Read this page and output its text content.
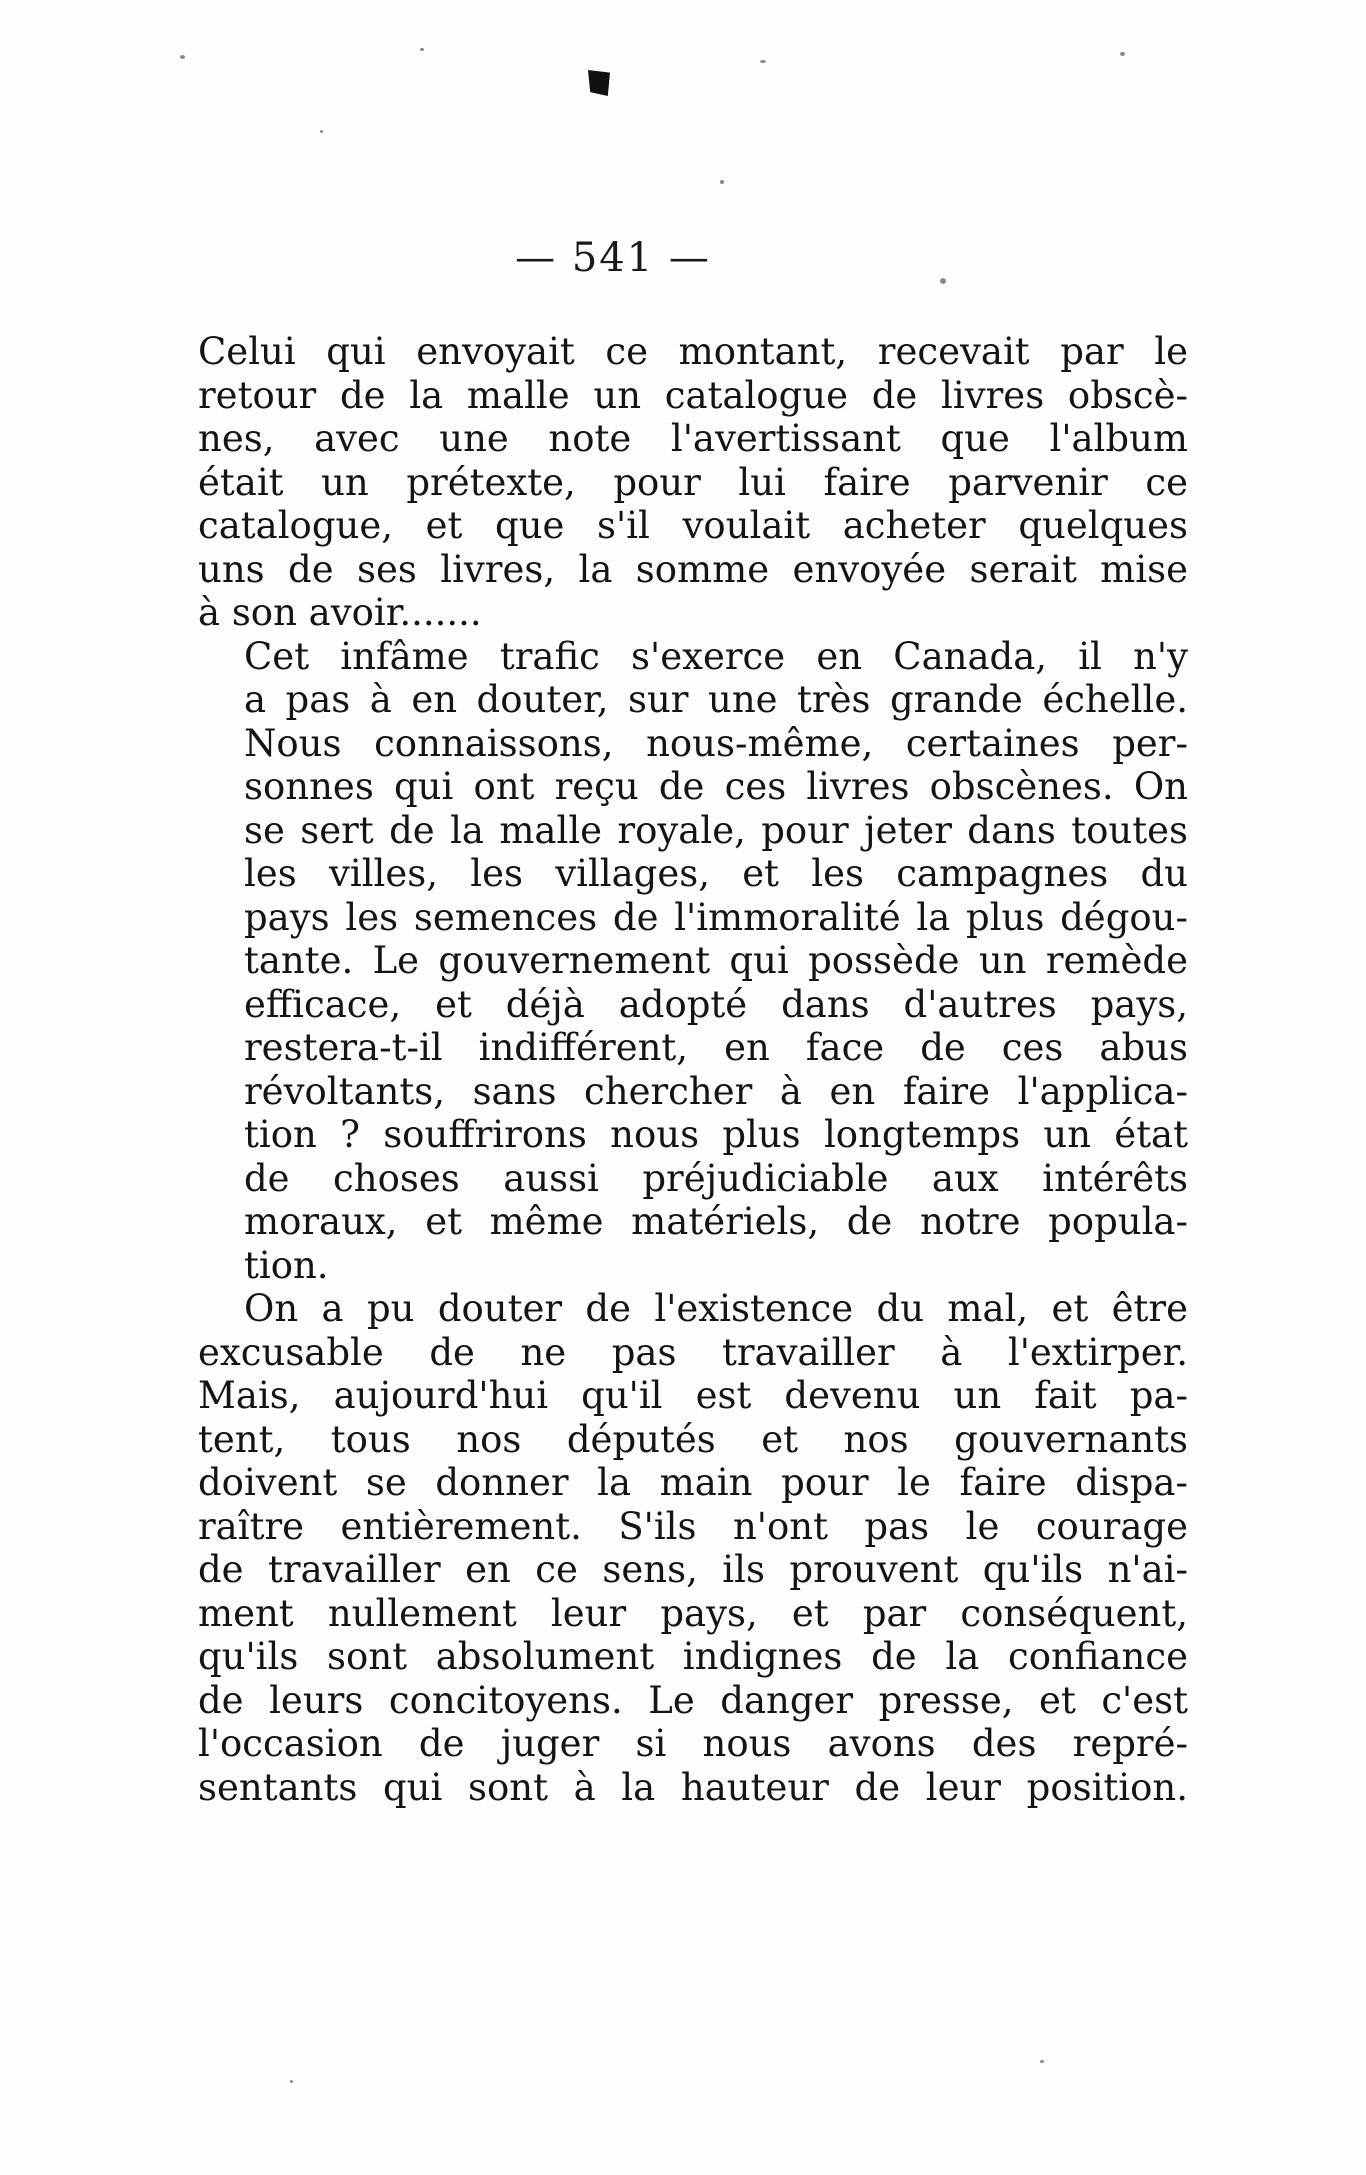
— 541 —

Celui qui envoyait ce montant, recevait par le
retour de la malle un catalogue de livres obscè-
nes, avec une note l'avertissant que l'album
était un prétexte, pour lui faire parvenir ce
catalogue, et que s'il voulait acheter quelques
uns de ses livres, la somme envoyée serait mise
à son avoir.......

Cet infâme trafic s'exerce en Canada, il n'y
a pas à en douter, sur une très grande échelle.
Nous connaissons, nous-même, certaines per-
sonnes qui ont reçu de ces livres obscènes. On
se sert de la malle royale, pour jeter dans toutes
les villes, les villages, et les campagnes du
pays les semences de l'immoralité la plus dégou-
tante. Le gouvernement qui possède un remède
efficace, et déjà adopté dans d'autres pays,
restera-t-il indifférent, en face de ces abus
révoltants, sans chercher à en faire l'applica-
tion ? souffrirons nous plus longtemps un état
de choses aussi préjudiciable aux intérêts
moraux, et même matériels, de notre popula-
tion.

On a pu douter de l'existence du mal, et être
excusable de ne pas travailler à l'extirper.
Mais, aujourd'hui qu'il est devenu un fait pa-
tent, tous nos députés et nos gouvernants
doivent se donner la main pour le faire dispa-
raître entièrement. S'ils n'ont pas le courage
de travailler en ce sens, ils prouvent qu'ils n'ai-
ment nullement leur pays, et par conséquent,
qu'ils sont absolument indignes de la confiance
de leurs concitoyens. Le danger presse, et c'est
l'occasion de juger si nous avons des repré-
sentants qui sont à la hauteur de leur position.
